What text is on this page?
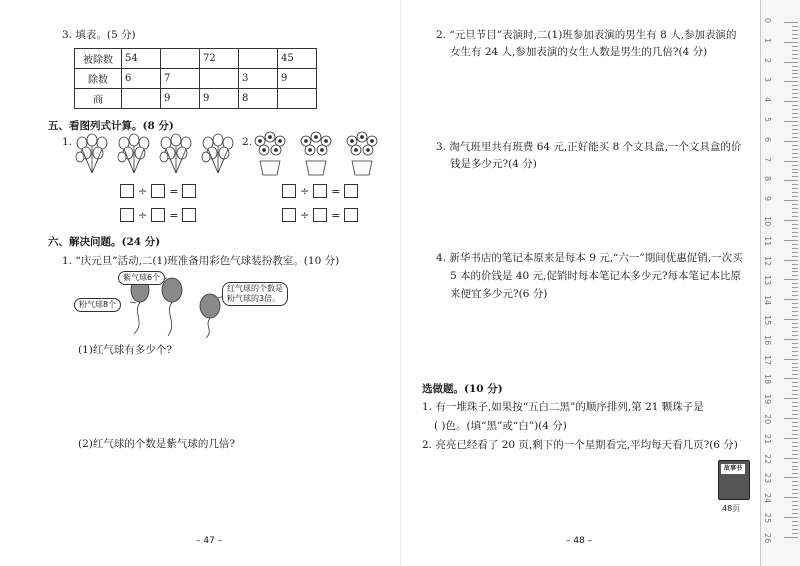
3. 填表。(5 分)
被除数	54		72		45
除数	6	7		3	9
商		9	9	8	
五、看图列式计算。(8 分)
1.	2.
÷ =
÷ =
÷ =
÷ =
六、解决问题。(24 分)
1. “庆元旦”活动,二(1)班准备用彩色气球装扮教室。(10 分)
紫气球6个
粉气球8个
红气球的个数是
粉气球的3倍。
(1)红气球有多少个?
(2)红气球的个数是紫气球的几倍?
– 47 –
2. “元旦节目”表演时,二(1)班参加表演的男生有 8 人,参加表演的
女生有 24 人,参加表演的女生人数是男生的几倍?(4 分)
3. 淘气班里共有班费 64 元,正好能买 8 个文具盒,一个文具盒的价
钱是多少元?(4 分)
4. 新华书店的笔记本原来是每本 9 元,“六一”期间优惠促销,一次买
5 本的价钱是 40 元,促销时每本笔记本多少元?每本笔记本比原
来便宜多少元?(6 分)
选做题。(10 分)
1. 有一堆珠子,如果按“五白二黑”的顺序排列,第 21 颗珠子是
( )色。(填“黑”或“白”)(4 分)
2. 亮亮已经看了 20 页,剩下的一个星期看完,平均每天看几页?(6 分)
故事书
48页
– 48 –
0
1
2
3
4
5
6
7
8
9
10
11
12
13
14
15
16
17
18
19
20
21
22
23
24
25
26
